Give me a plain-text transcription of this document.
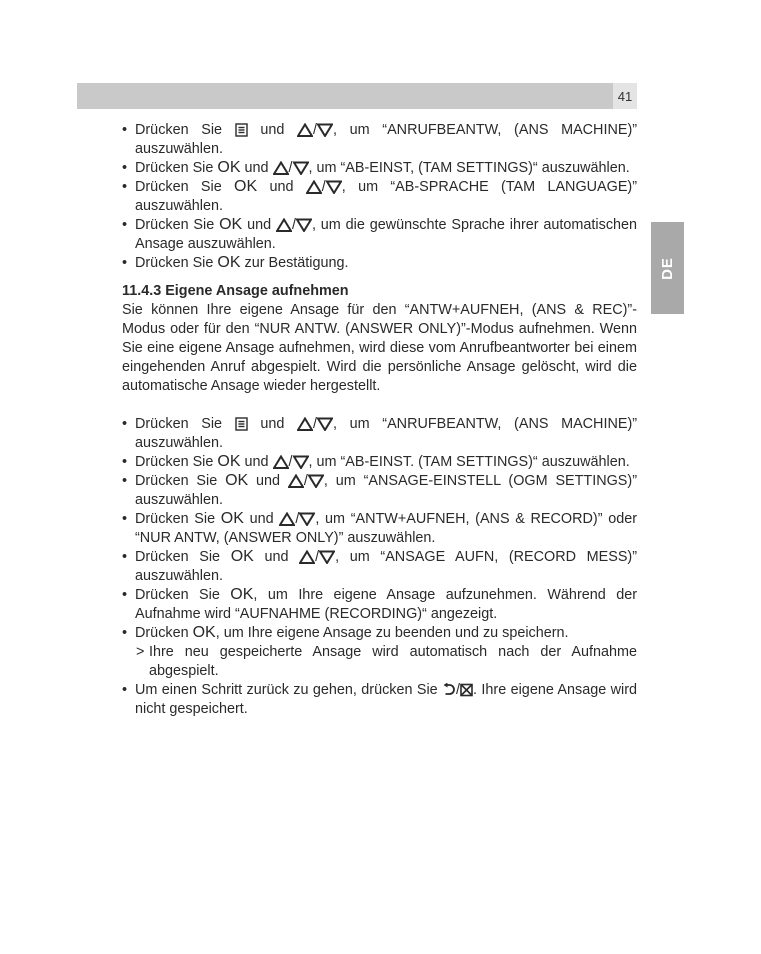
41
DE
• Drücken Sie	und / , um “ANRUFBEANTW, (ANS MACHINE)” auszuwählen.
• Drücken Sie OK und / , um “AB-EINST, (TAM SETTINGS)“ auszuwählen.
• Drücken Sie OK und / , um “AB-SPRACHE (TAM LANGUAGE)” auszuwählen.
• Drücken Sie OK und / , um die gewünschte Sprache ihrer automatischen Ansage auszuwählen.
• Drücken Sie OK zur Bestätigung.
11.4.3 Eigene Ansage aufnehmen
Sie können Ihre eigene Ansage für den “ANTW+AUFNEH, (ANS & REC)”-Modus oder für den “NUR ANTW. (ANSWER ONLY)”-Modus aufnehmen. Wenn Sie eine eigene Ansage aufnehmen, wird diese vom Anrufbeantworter bei einem eingehenden Anruf abgespielt. Wird die persönliche Ansage gelöscht, wird die automatische Ansage wieder hergestellt.
• Drücken Sie	und / , um “ANRUFBEANTW, (ANS MACHINE)” auszuwählen.
• Drücken Sie OK und / , um “AB-EINST. (TAM SETTINGS)“ auszuwählen.
• Drücken Sie OK und / , um “ANSAGE-EINSTELL (OGM SETTINGS)” auszuwählen.
• Drücken Sie OK und / , um “ANTW+AUFNEH, (ANS & RECORD)” oder “NUR ANTW, (ANSWER ONLY)” auszuwählen.
• Drücken Sie OK und / , um “ANSAGE AUFN, (RECORD MESS)” auszuwählen.
• Drücken Sie OK, um Ihre eigene Ansage aufzunehmen. Während der Aufnahme wird “AUFNAHME (RECORDING)“ angezeigt.
• Drücken OK, um Ihre eigene Ansage zu beenden und zu speichern.
> Ihre neu gespeicherte Ansage wird automatisch nach der Aufnahme abgespielt.
• Um einen Schritt zurück zu gehen, drücken Sie / . Ihre eigene Ansage wird nicht gespeichert.
